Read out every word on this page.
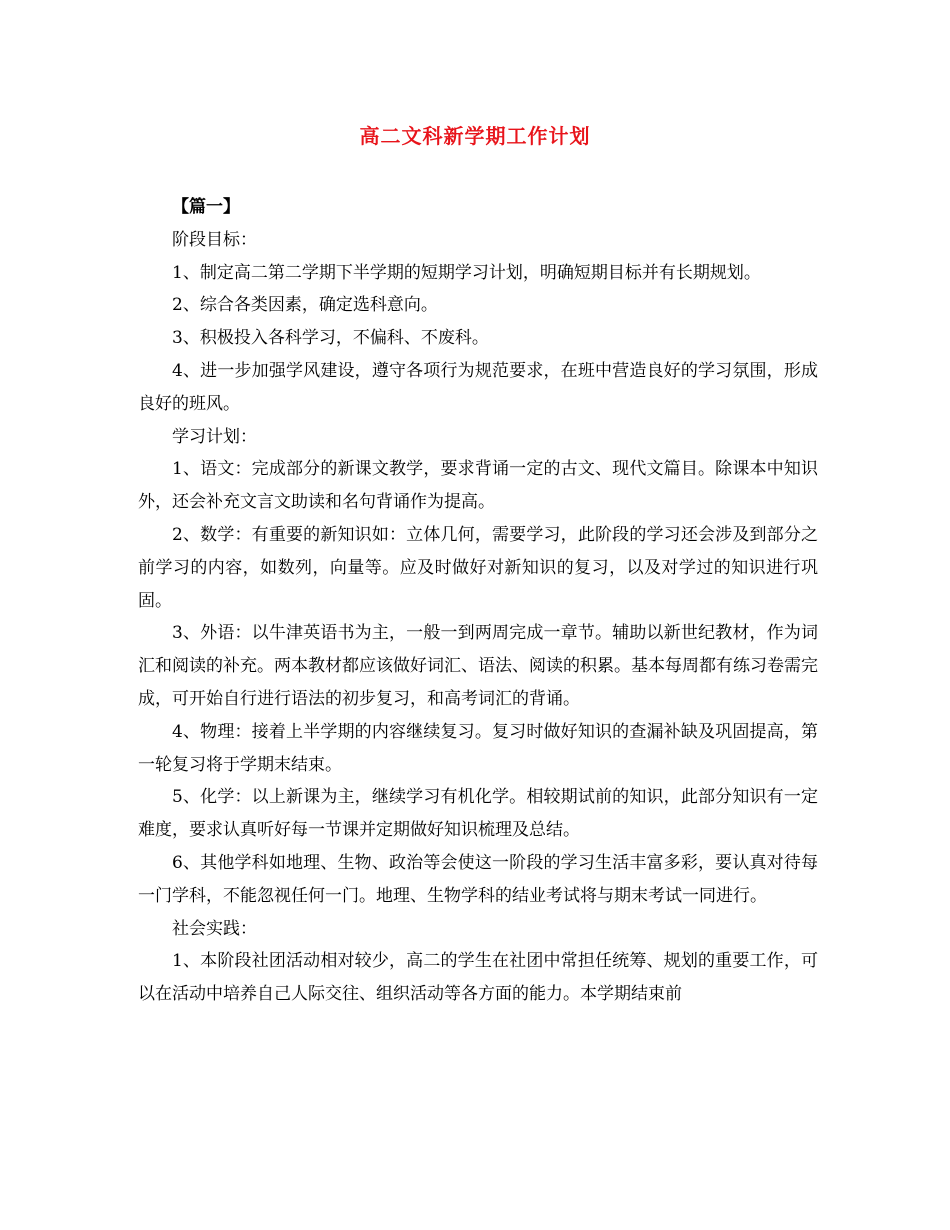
高二文科新学期工作计划

【篇一】

阶段目标：

1、制定高二第二学期下半学期的短期学习计划，明确短期目标并有长期规划。

2、综合各类因素，确定选科意向。

3、积极投入各科学习，不偏科、不废科。

4、进一步加强学风建设，遵守各项行为规范要求，在班中营造良好的学习氛围，形成良好的班风。

学习计划：

1、语文：完成部分的新课文教学，要求背诵一定的古文、现代文篇目。除课本中知识外，还会补充文言文助读和名句背诵作为提高。

2、数学：有重要的新知识如：立体几何，需要学习，此阶段的学习还会涉及到部分之前学习的内容，如数列，向量等。应及时做好对新知识的复习，以及对学过的知识进行巩固。

3、外语：以牛津英语书为主，一般一到两周完成一章节。辅助以新世纪教材，作为词汇和阅读的补充。两本教材都应该做好词汇、语法、阅读的积累。基本每周都有练习卷需完成，可开始自行进行语法的初步复习，和高考词汇的背诵。

4、物理：接着上半学期的内容继续复习。复习时做好知识的查漏补缺及巩固提高，第一轮复习将于学期末结束。

5、化学：以上新课为主，继续学习有机化学。相较期试前的知识，此部分知识有一定难度，要求认真听好每一节课并定期做好知识梳理及总结。

6、其他学科如地理、生物、政治等会使这一阶段的学习生活丰富多彩，要认真对待每一门学科，不能忽视任何一门。地理、生物学科的结业考试将与期末考试一同进行。

社会实践：

1、本阶段社团活动相对较少，高二的学生在社团中常担任统筹、规划的重要工作，可以在活动中培养自己人际交往、组织活动等各方面的能力。本学期结束前
